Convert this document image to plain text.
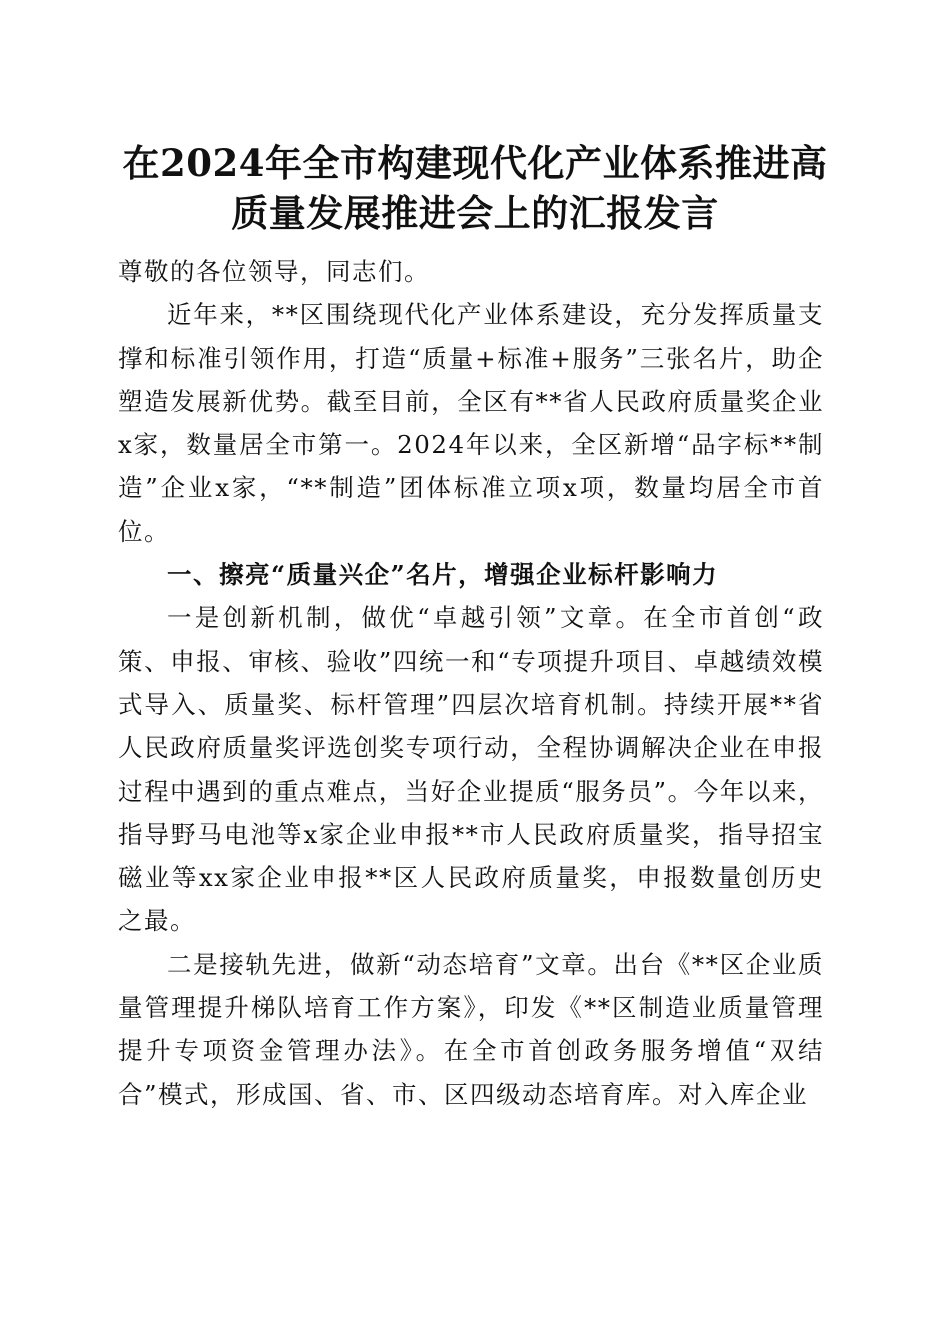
在2024年全市构建现代化产业体系推进高质量发展推进会上的汇报发言

尊敬的各位领导，同志们。

近年来，**区围绕现代化产业体系建设，充分发挥质量支撑和标准引领作用，打造“质量+标准+服务”三张名片，助企塑造发展新优势。截至目前，全区有**省人民政府质量奖企业x家，数量居全市第一。2024年以来，全区新增“品字标**制造”企业x家，“**制造”团体标准立项x项，数量均居全市首位。

一、擦亮“质量兴企”名片，增强企业标杆影响力

一是创新机制，做优“卓越引领”文章。在全市首创“政策、申报、审核、验收”四统一和“专项提升项目、卓越绩效模式导入、质量奖、标杆管理”四层次培育机制。持续开展**省人民政府质量奖评选创奖专项行动，全程协调解决企业在申报过程中遇到的重点难点，当好企业提质“服务员”。今年以来，指导野马电池等x家企业申报**市人民政府质量奖，指导招宝磁业等xx家企业申报**区人民政府质量奖，申报数量创历史之最。

二是接轨先进，做新“动态培育”文章。出台《**区企业质量管理提升梯队培育工作方案》，印发《**区制造业质量管理提升专项资金管理办法》。在全市首创政务服务增值“双结合”模式，形成国、省、市、区四级动态培育库。对入库企业
